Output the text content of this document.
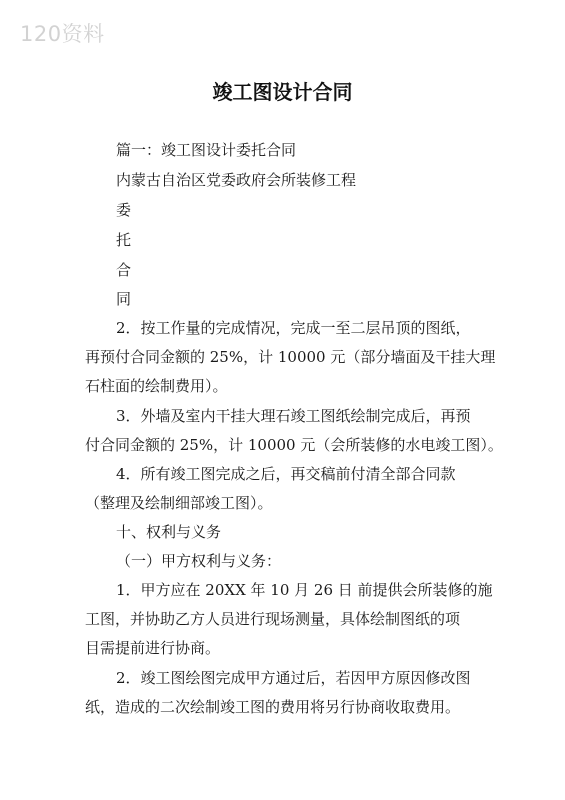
120资料
竣工图设计合同
篇一：竣工图设计委托合同
内蒙古自治区党委政府会所装修工程
委
托
合
同
2．按工作量的完成情况，完成一至二层吊顶的图纸，
再预付合同金额的 25%，计 10000 元（部分墙面及干挂大理
石柱面的绘制费用）。
3．外墙及室内干挂大理石竣工图纸绘制完成后，再预
付合同金额的 25%，计 10000 元（会所装修的水电竣工图）。
4．所有竣工图完成之后，再交稿前付清全部合同款
（整理及绘制细部竣工图）。
十、权利与义务
（一）甲方权利与义务：
1．甲方应在 20XX 年 10 月 26 日 前提供会所装修的施
工图，并协助乙方人员进行现场测量，具体绘制图纸的项
目需提前进行协商。
2．竣工图绘图完成甲方通过后，若因甲方原因修改图
纸，造成的二次绘制竣工图的费用将另行协商收取费用。
